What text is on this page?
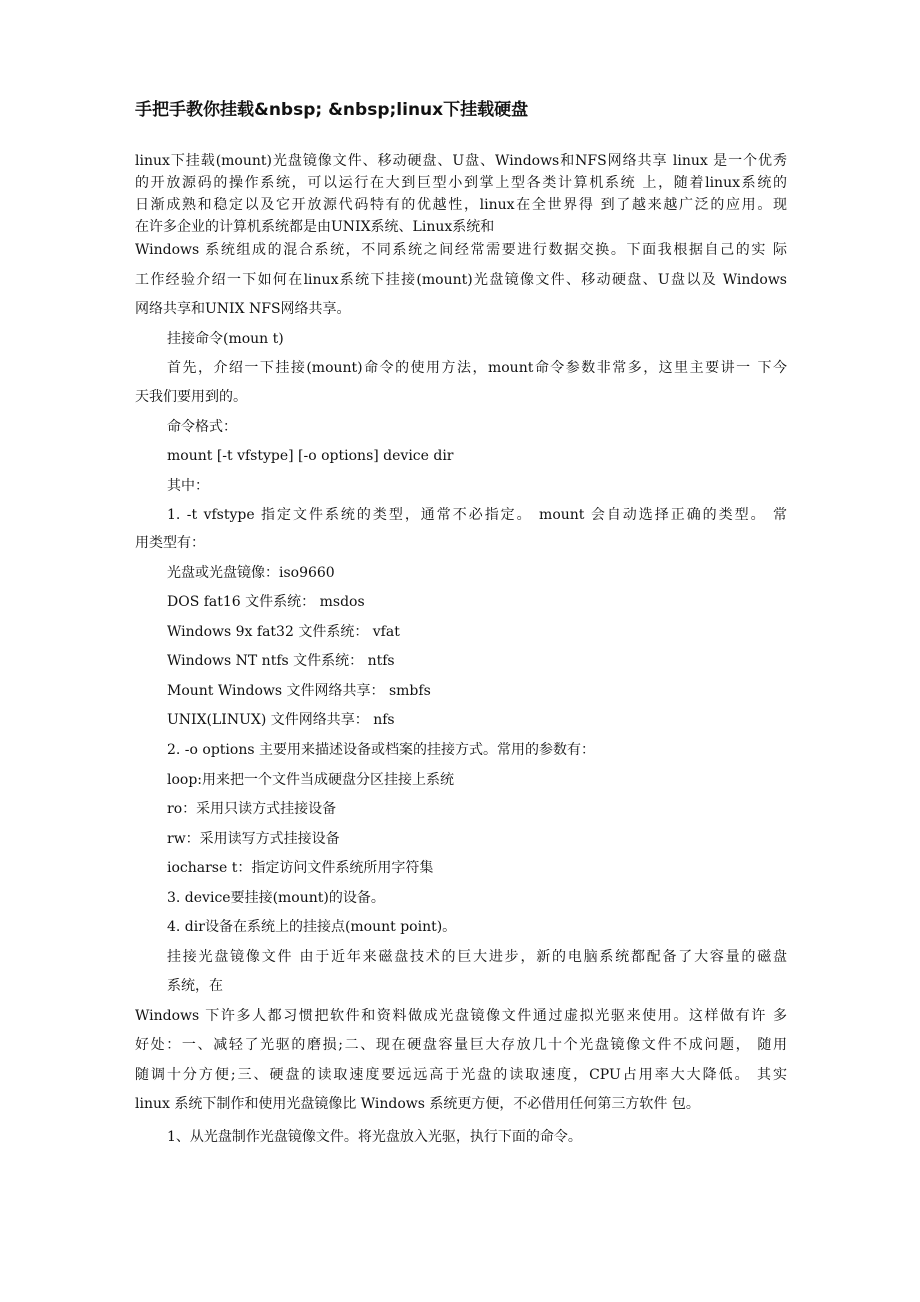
手把手教你挂载&nbsp; &nbsp;linux下挂载硬盘
linux下挂载(mount)光盘镜像文件、移动硬盘、U盘、Windows和NFS网络共享 linux 是一个优秀
的开放源码的操作系统，可以运行在大到巨型小到掌上型各类计算机系统 上，随着linux系统的
日渐成熟和稳定以及它开放源代码特有的优越性，linux在全世界得 到了越来越广泛的应用。现
在许多企业的计算机系统都是由UNIX系统、Linux系统和
Windows 系统组成的混合系统，不同系统之间经常需要进行数据交换。下面我根据自己的实 际
工作经验介绍一下如何在linux系统下挂接(mount)光盘镜像文件、移动硬盘、U盘以及 Windows
网络共享和UNIX NFS网络共享。
挂接命令(moun t)
首先，介绍一下挂接(mount)命令的使用方法，mount命令参数非常多，这里主要讲一 下今
天我们要用到的。
命令格式：
mount [-t vfstype] [-o options] device dir
其中：
1. -t vfstype 指定文件系统的类型，通常不必指定。 mount 会自动选择正确的类型。 常
用类型有：
光盘或光盘镜像：iso9660
DOS fat16 文件系统： msdos
Windows 9x fat32 文件系统： vfat
Windows NT ntfs 文件系统： ntfs
Mount Windows 文件网络共享： smbfs
UNIX(LINUX) 文件网络共享： nfs
2. -o options 主要用来描述设备或档案的挂接方式。常用的参数有：
loop:用来把一个文件当成硬盘分区挂接上系统
ro：采用只读方式挂接设备
rw：采用读写方式挂接设备
iocharse t：指定访问文件系统所用字符集
3. device要挂接(mount)的设备。
4. dir设备在系统上的挂接点(mount point)。
挂接光盘镜像文件 由于近年来磁盘技术的巨大进步，新的电脑系统都配备了大容量的磁盘
系统，在
Windows 下许多人都习惯把软件和资料做成光盘镜像文件通过虚拟光驱来使用。这样做有许 多
好处：一、减轻了光驱的磨损;二、现在硬盘容量巨大存放几十个光盘镜像文件不成问题， 随用
随调十分方便;三、硬盘的读取速度要远远高于光盘的读取速度，CPU占用率大大降低。 其实
linux 系统下制作和使用光盘镜像比 Windows 系统更方便，不必借用任何第三方软件 包。
1、从光盘制作光盘镜像文件。将光盘放入光驱，执行下面的命令。
